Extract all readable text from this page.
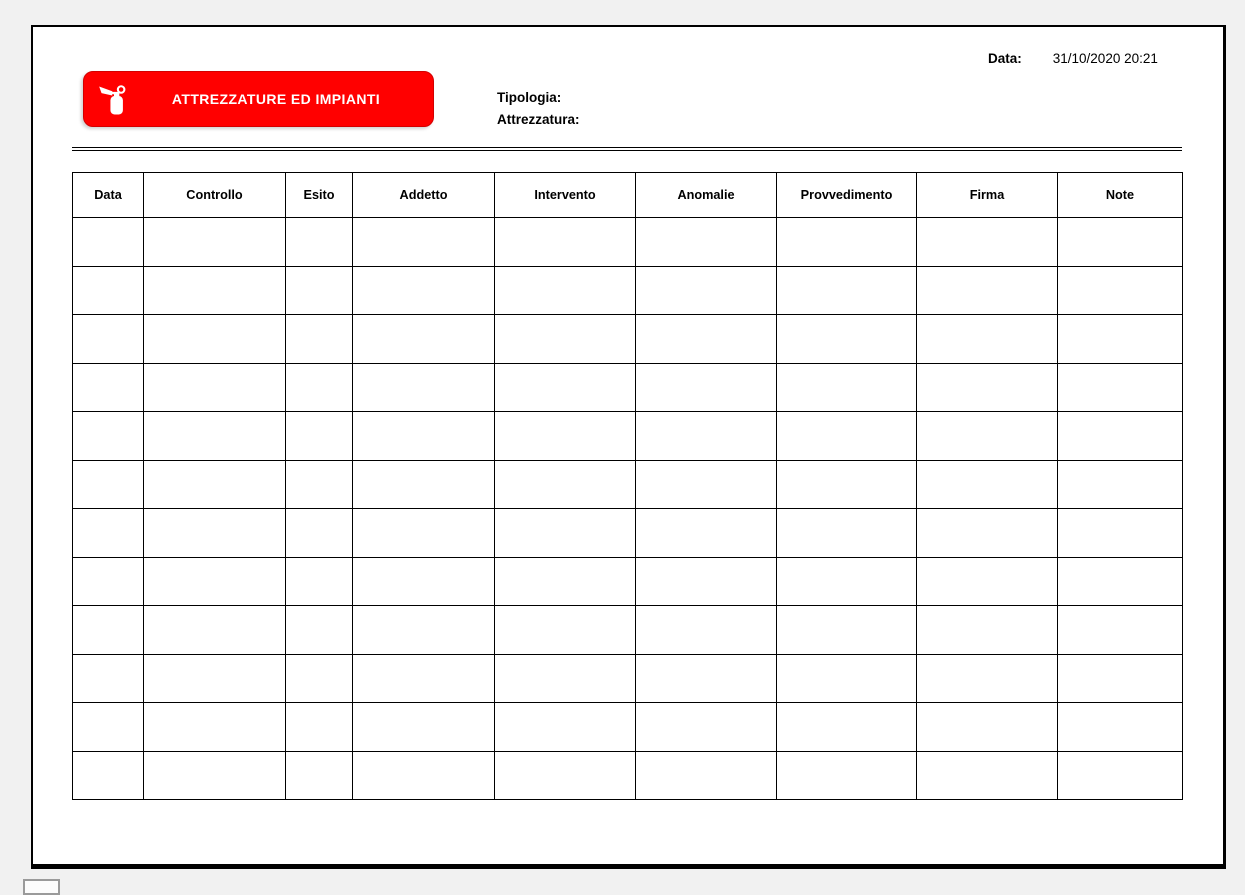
Data: 31/10/2020 20:21
ATTREZZATURE ED IMPIANTI	Tipologia:
Attrezzatura:
Data	Controllo	Esito	Addetto	Intervento	Anomalie	Provvedimento	Firma	Note
